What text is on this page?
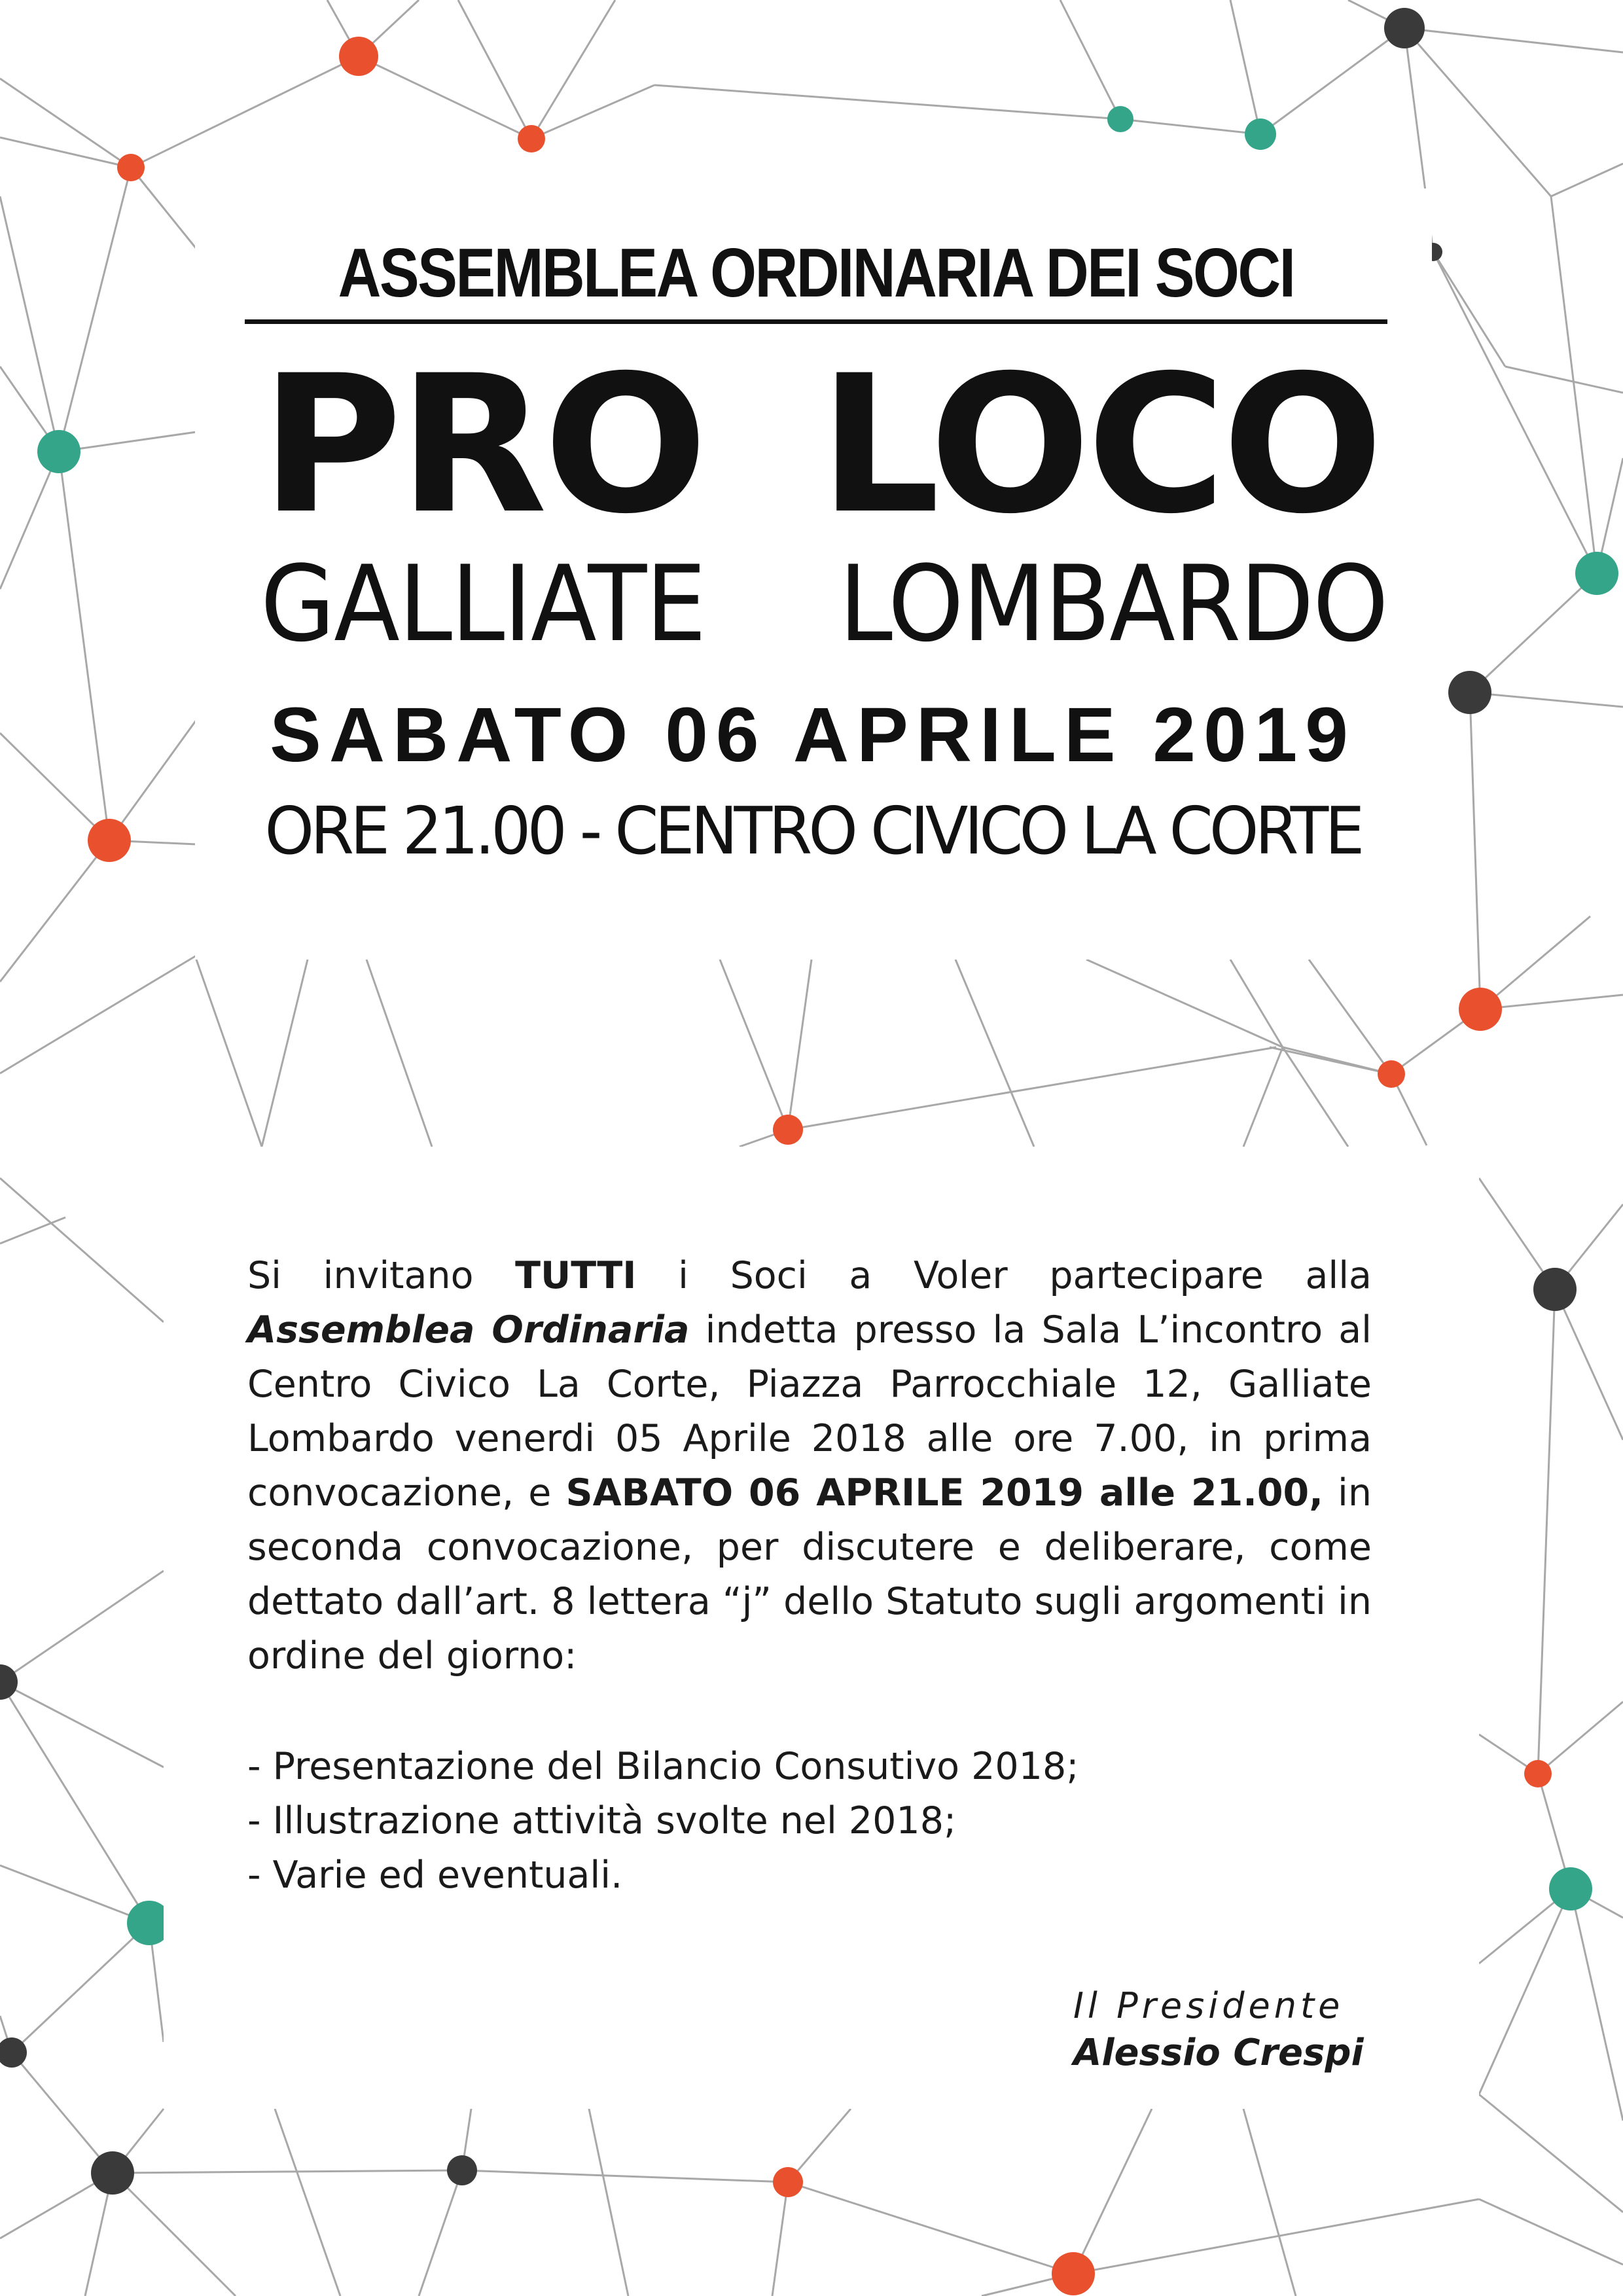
ASSEMBLEA ORDINARIA DEI SOCI
PRO LOCO
GALLIATE LOMBARDO
SABATO 06 APRILE 2019
ORE 21.00 - CENTRO CIVICO LA CORTE
Si invitano TUTTI i Soci a Voler partecipare alla Assemblea Ordinaria indetta presso la Sala L’incontro al Centro Civico La Corte, Piazza Parrocchiale 12, Galliate Lombardo venerdi 05 Aprile 2018 alle ore 7.00, in prima convocazione, e SABATO 06 APRILE 2019 alle 21.00, in seconda convocazione, per discutere e deliberare, come dettato dall’art. 8 lettera “j” dello Statuto sugli argomenti in ordine del giorno:
- Presentazione del Bilancio Consutivo 2018;
- Illustrazione attività svolte nel 2018;
- Varie ed eventuali.
Il Presidente
Alessio Crespi
